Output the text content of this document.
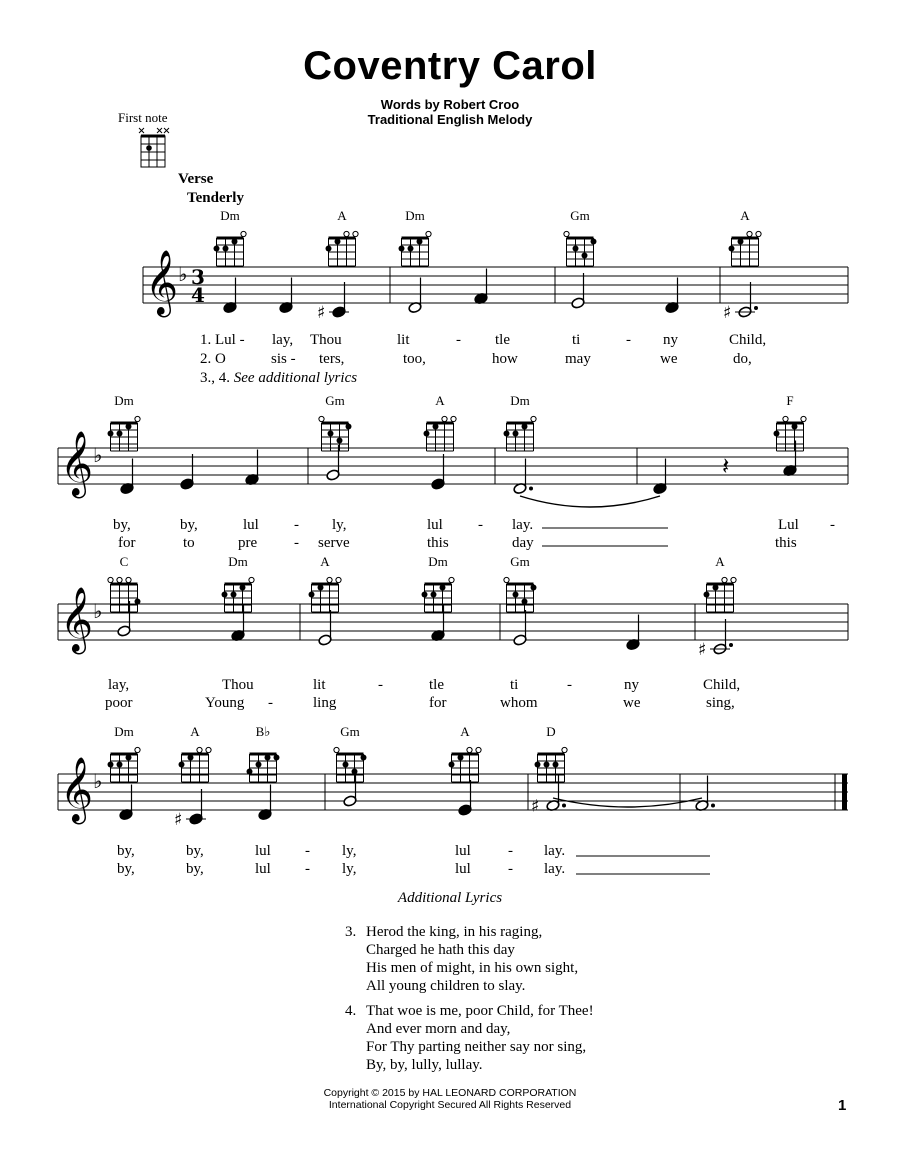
Coventry Carol
Words by Robert Croo
Traditional English Melody
First note
Verse
Tenderly
Dm	A	Dm	Gm	A
Dm	Gm	A	Dm	F
C	Dm	A	Dm	Gm	A
Dm	A	B♭	Gm	A	D
𝄞 ♭ 3
4
𝄞 ♭
𝄞 ♭
𝄞 ♭
♯	♯
𝄽
♯
♯
♯
1. Lul - lay, Thou	lit	- tle	ti	- ny	Child,
2. O	sis - ters,	too,	how	may	we	do,
3., 4. See additional lyrics
by,	by,	lul - ly,	lul - lay.	Lul -
for	to	pre - serve	this	day	this
lay,	Thou	lit	-	tle	ti	-	ny	Child,
poor	Young -	ling	for	whom	we	sing,
by,	by,	lul - ly,	lul - lay.
by,	by,	lul - ly,	lul - lay.
Additional Lyrics
3. Herod the king, in his raging,
Charged he hath this day
His men of might, in his own sight,
All young children to slay.
4. That woe is me, poor Child, for Thee!
And ever morn and day,
For Thy parting neither say nor sing,
By, by, lully, lullay.
Copyright © 2015 by HAL LEONARD CORPORATION
International Copyright Secured All Rights Reserved	1
